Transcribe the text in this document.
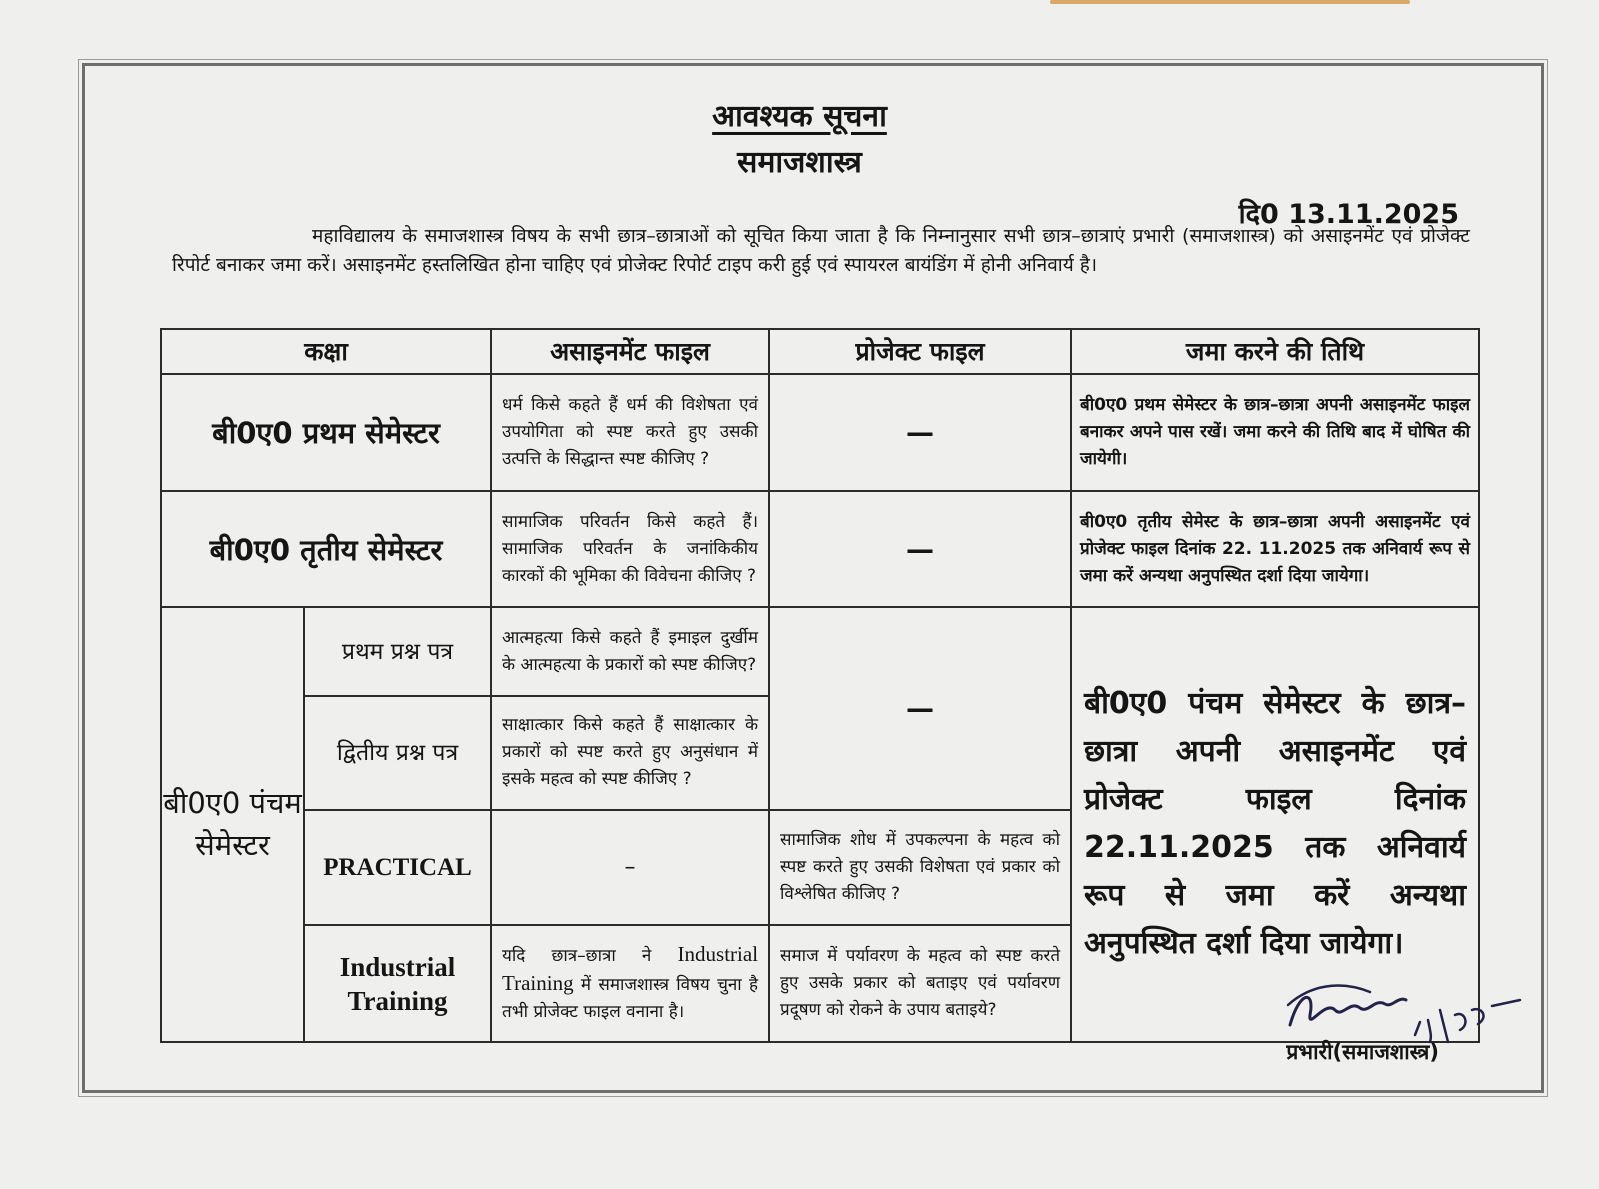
आवश्यक सूचना
समाजशास्त्र
दि0 13.11.2025
महाविद्यालय के समाजशास्त्र विषय के सभी छात्र–छात्राओं को सूचित किया जाता है कि निम्नानुसार सभी छात्र–छात्राएं प्रभारी (समाजशास्त्र) को असाइनमेंट एवं प्रोजेक्ट रिपोर्ट बनाकर जमा करें। असाइनमेंट हस्तलिखित होना चाहिए एवं प्रोजेक्ट रिपोर्ट टाइप करी हुई एवं स्पायरल बायंडिंग में होनी अनिवार्य है।
कक्षा		असाइनमेंट फाइल	प्रोजेक्ट फाइल	जमा करने की तिथि
बी0ए0 प्रथम सेमेस्टर		धर्म किसे कहते हैं धर्म की विशेषता एवं उपयोगिता को स्पष्ट करते हुए उसकी उत्पत्ति के सिद्धान्त स्पष्ट कीजिए ?	—	बी0ए0 प्रथम सेमेस्टर के छात्र–छात्रा अपनी असाइनमेंट फाइल बनाकर अपने पास रखें। जमा करने की तिथि बाद में घोषित की जायेगी।
बी0ए0 तृतीय सेमेस्टर		सामाजिक परिवर्तन किसे कहते हैं। सामाजिक परिवर्तन के जनांकिकीय कारकों की भूमिका की विवेचना कीजिए ?	—	बी0ए0 तृतीय सेमेस्ट के छात्र–छात्रा अपनी असाइनमेंट एवं प्रोजेक्ट फाइल दिनांक 22. 11.2025 तक अनिवार्य रूप से जमा करें अन्यथा अनुपस्थित दर्शा दिया जायेगा।
बी0ए0 पंचम सेमेस्टर	प्रथम प्रश्न पत्र	आत्महत्या किसे कहते हैं इमाइल दुर्खीम के आत्महत्या के प्रकारों को स्पष्ट कीजिए?	—	बी0ए0 पंचम सेमेस्टर के छात्र–छात्रा अपनी असाइनमेंट एवं प्रोजेक्ट फाइल दिनांक 22.11.2025 तक अनिवार्य रूप से जमा करें अन्यथा अनुपस्थित दर्शा दिया जायेगा।
	द्वितीय प्रश्न पत्र	साक्षात्कार किसे कहते हैं साक्षात्कार के प्रकारों को स्पष्ट करते हुए अनुसंधान में इसके महत्व को स्पष्ट कीजिए ?		
	PRACTICAL	–	सामाजिक शोध में उपकल्पना के महत्व को स्पष्ट करते हुए उसकी विशेषता एवं प्रकार को विश्लेषित कीजिए ?	
	Industrial Training	यदि छात्र–छात्रा ने Industrial Training में समाजशास्त्र विषय चुना है तभी प्रोजेक्ट फाइल वनाना है।	समाज में पर्यावरण के महत्व को स्पष्ट करते हुए उसके प्रकार को बताइए एवं पर्यावरण प्रदूषण को रोकने के उपाय बताइये?	
प्रभारी(समाजशास्त्र)
